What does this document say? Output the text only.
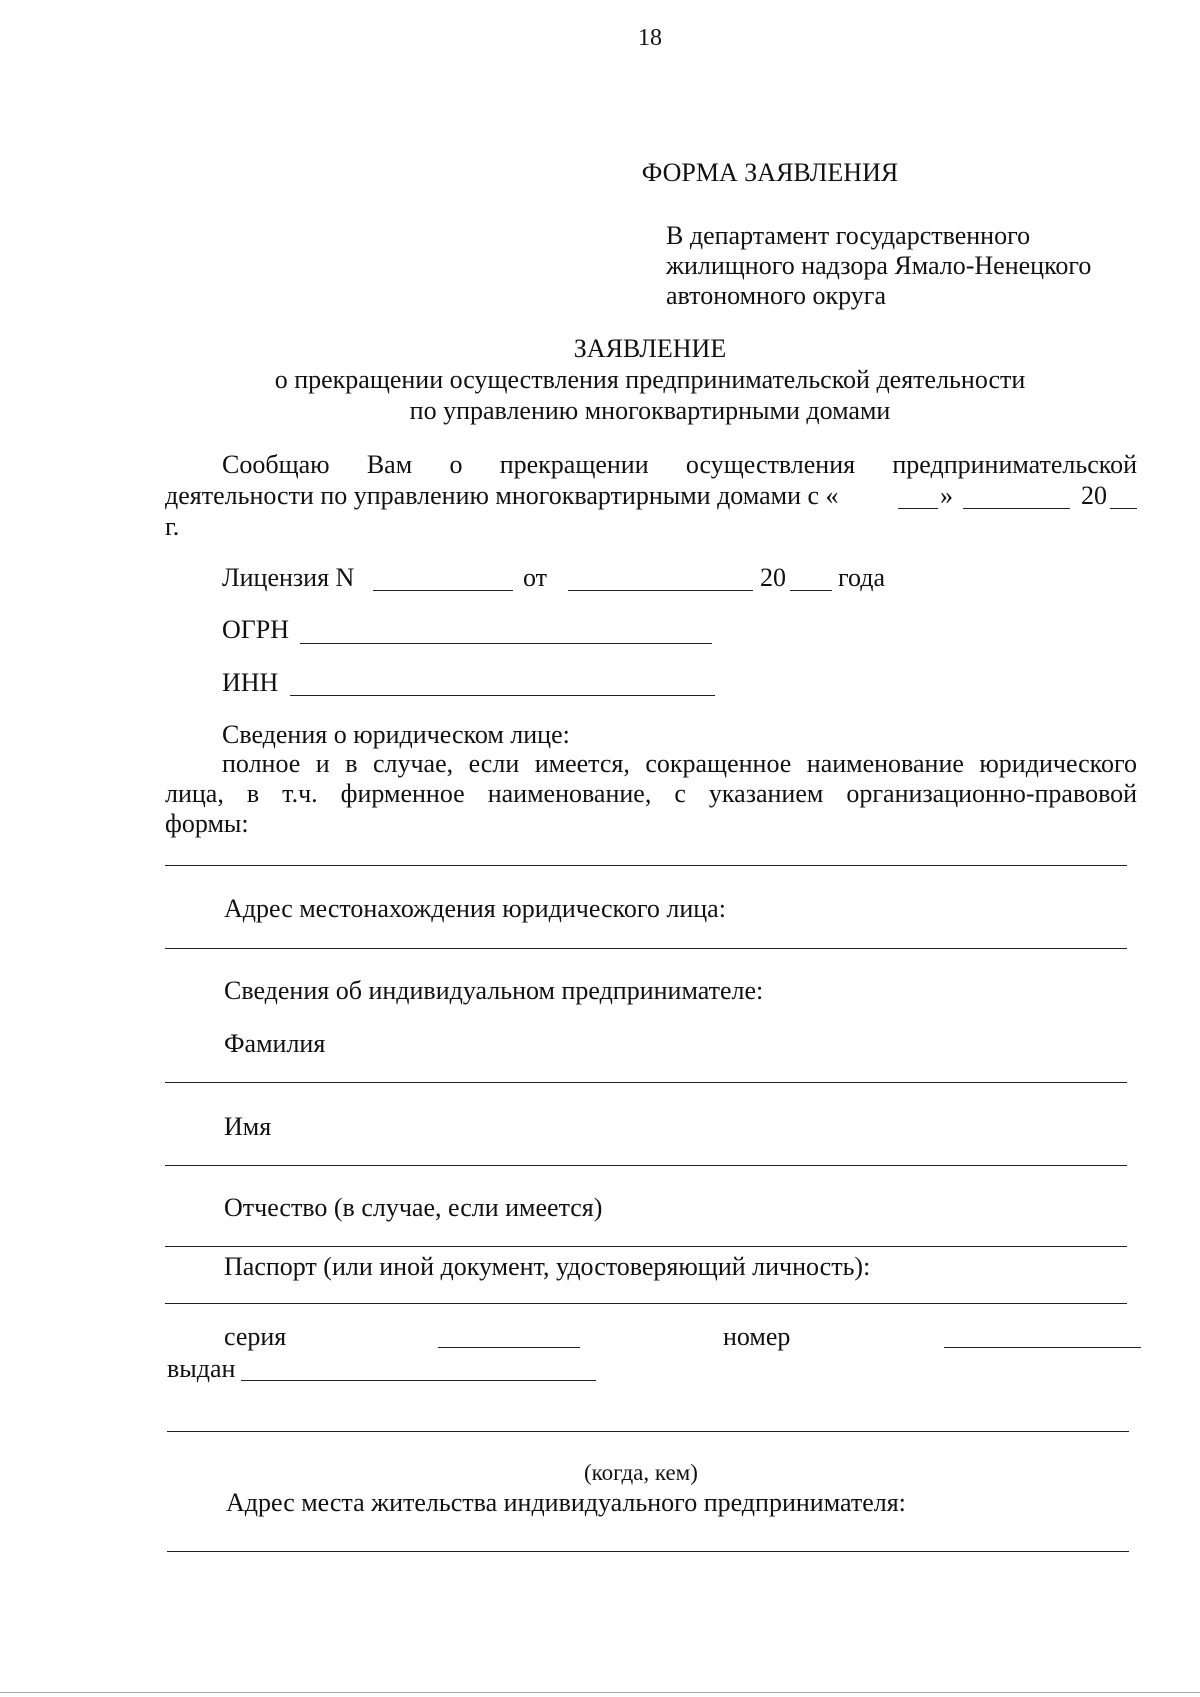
18
ФОРМА ЗАЯВЛЕНИЯ
В департамент государственного
жилищного надзора Ямало-Ненецкого
автономного округа
ЗАЯВЛЕНИЕ
о прекращении осуществления предпринимательской деятельности
по управлению многоквартирными домами
Сообщаю Вам о прекращении осуществления предпринимательской
деятельности по управлению многоквартирными домами с «	»	20
г.
Лицензия N	от	20 года
ОГРН
ИНН
Сведения о юридическом лице:
полное и в случае, если имеется, сокращенное наименование юридического
лица, в т.ч. фирменное наименование, с указанием организационно-правовой
формы:
Адрес местонахождения юридического лица:
Сведения об индивидуальном предпринимателе:
Фамилия
Имя
Отчество (в случае, если имеется)
Паспорт (или иной документ, удостоверяющий личность):
серия	номер
выдан
(когда, кем)
Адрес места жительства индивидуального предпринимателя:
